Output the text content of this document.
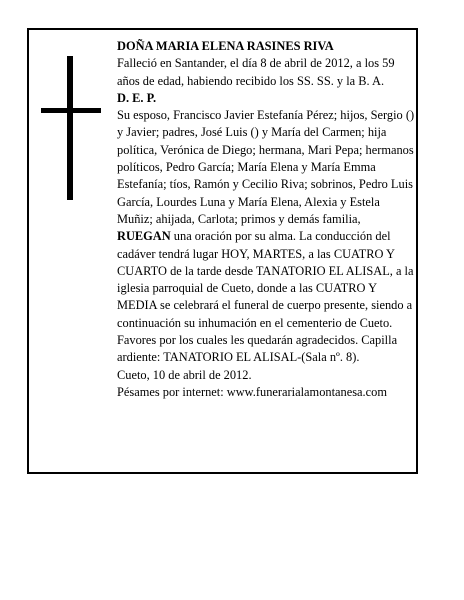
DOÑA MARIA ELENA RASINES RIVA

Falleció en Santander, el día 8 de abril de 2012, a los 59 años de edad, habiendo recibido los SS. SS. y la B. A.

D. E. P.

Su esposo, Francisco Javier Estefanía Pérez; hijos, Sergio () y Javier; padres, José Luis () y María del Carmen; hija política, Verónica de Diego; hermana, Mari Pepa; hermanos políticos, Pedro García; María Elena y María Emma Estefanía; tíos, Ramón y Cecilio Riva; sobrinos, Pedro Luis García, Lourdes Luna y María Elena, Alexia y Estela Muñiz; ahijada, Carlota; primos y demás familia,

RUEGAN una oración por su alma. La conducción del cadáver tendrá lugar HOY, MARTES, a las CUATRO Y CUARTO de la tarde desde TANATORIO EL ALISAL, a la iglesia parroquial de Cueto, donde a las CUATRO Y MEDIA se celebrará el funeral de cuerpo presente, siendo a continuación su inhumación en el cementerio de Cueto. Favores por los cuales les quedarán agradecidos. Capilla ardiente: TANATORIO EL ALISAL-(Sala nº. 8).

Cueto, 10 de abril de 2012.

Pésames por internet: www.funerarialamontanesa.com
